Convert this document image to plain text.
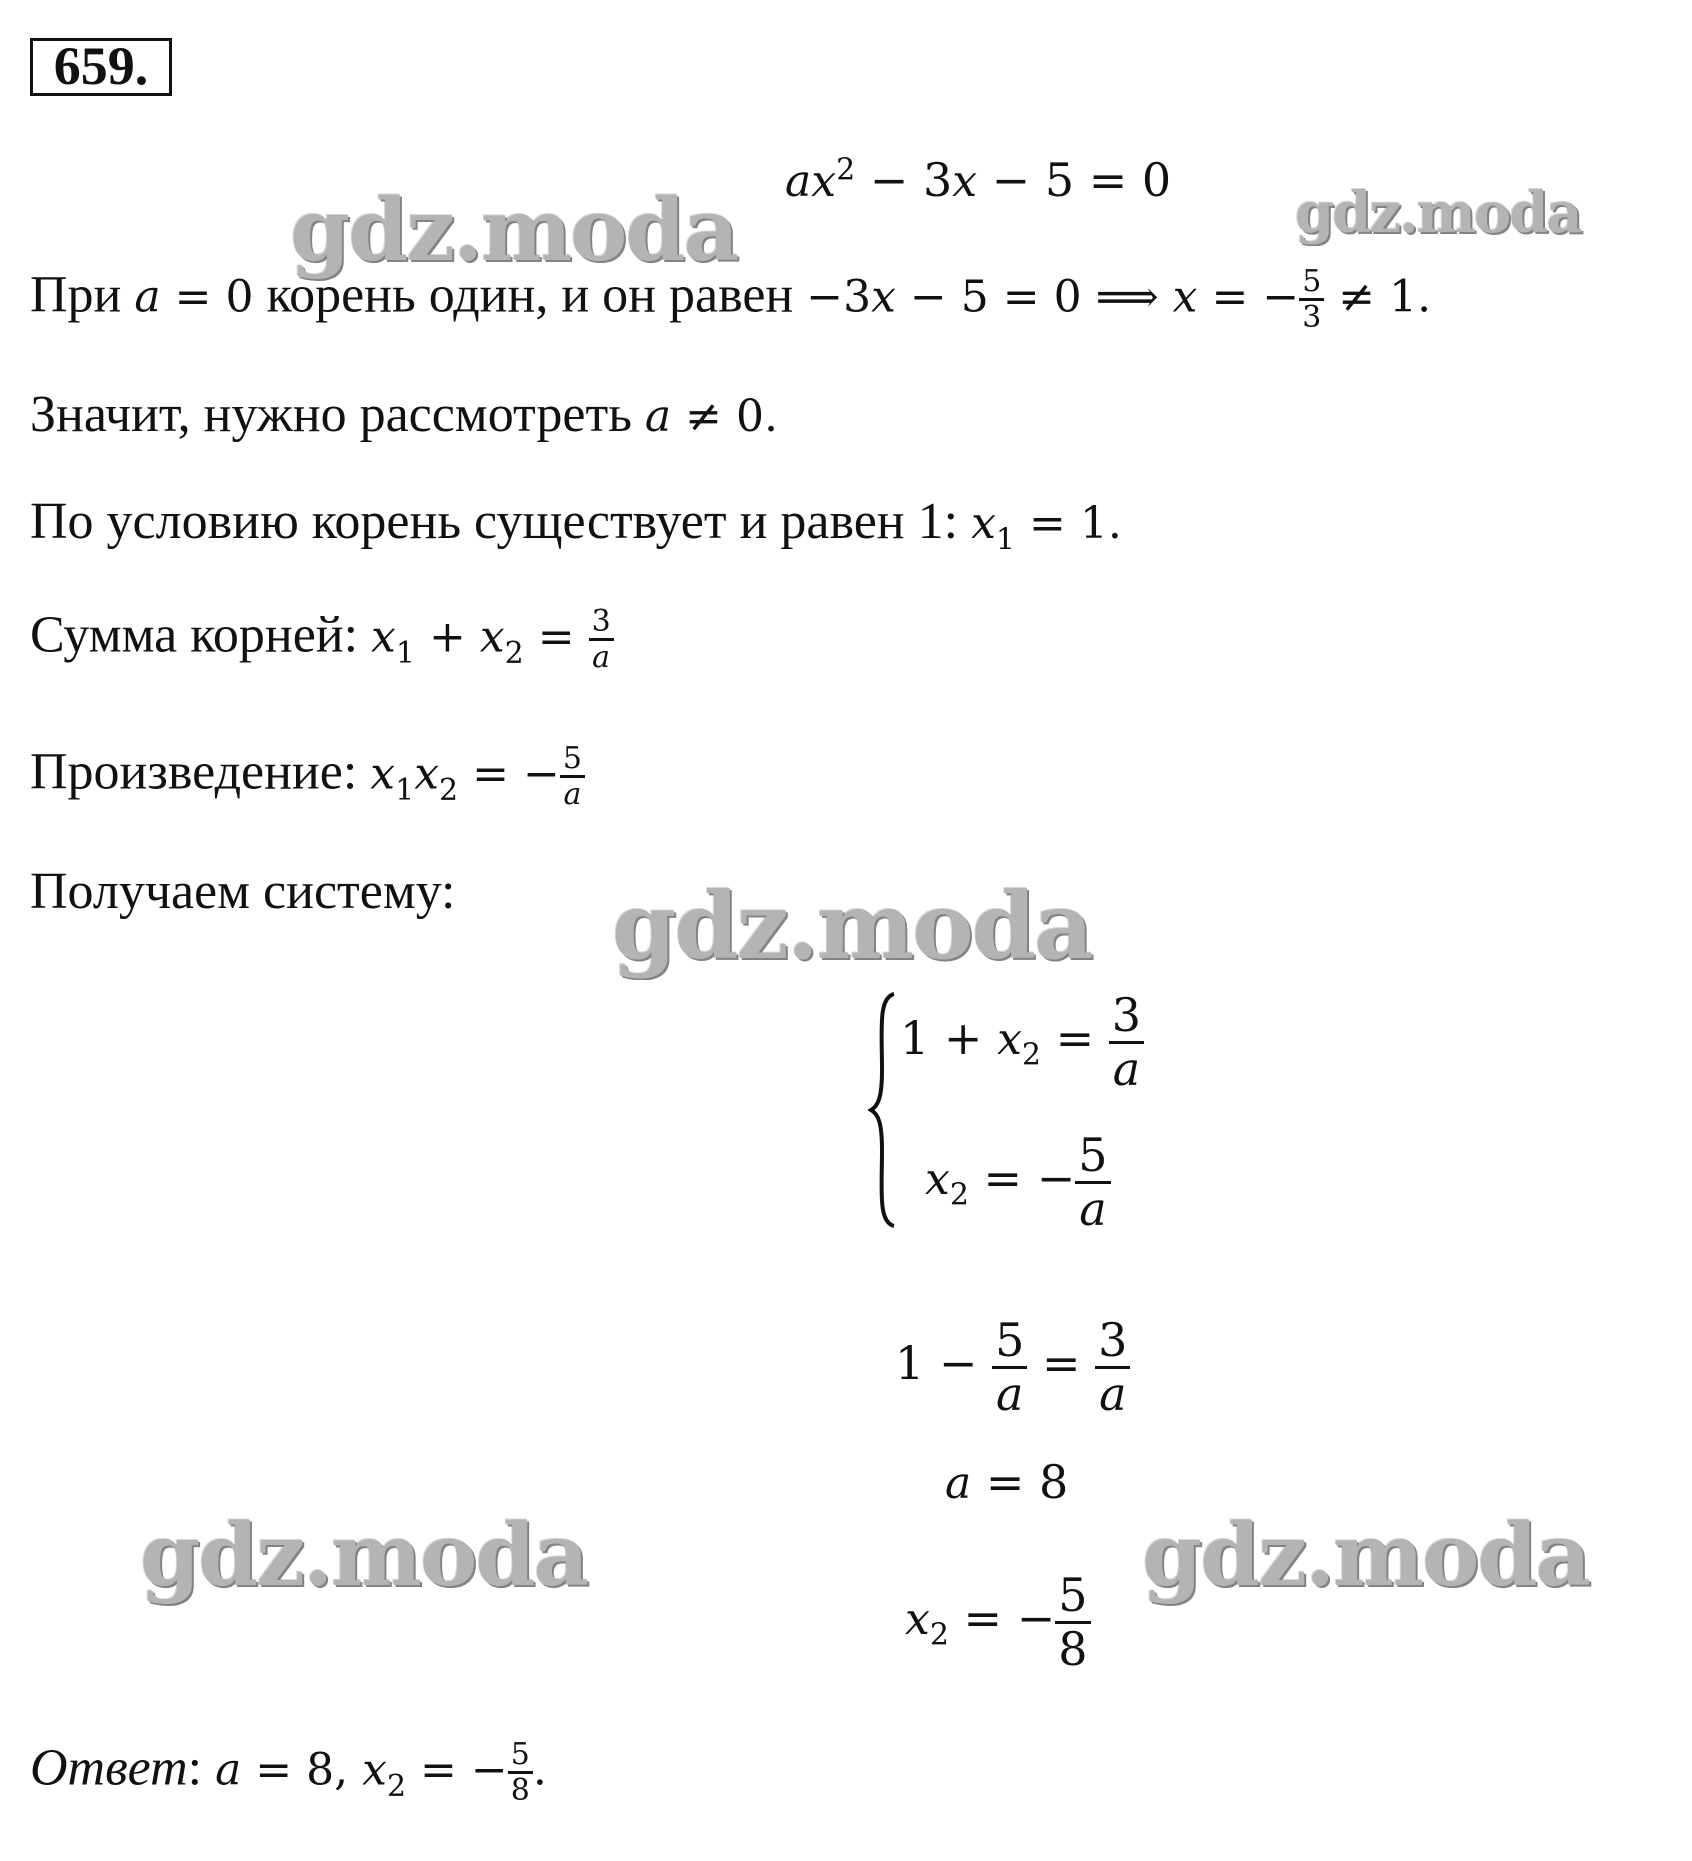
659.
$ax^2 - 3x - 5 = 0$
При a = 0 корень один, и он равен −3x − 5 = 0 ⟹ x = − $\frac{5}{3} \ne 1$.
Значит, нужно рассмотреть a ≠ 0.
По условию корень существует и равен 1: $x_1 = 1$.
Сумма корней: $x_1 + x_2 = \frac{3}{a}$
Произведение: $x_1x_2$ = − $\frac{5}{a}$
Получаем систему:
$1 + x_2 = \frac{3}{a}$
$x_2$ = − $\frac{5}{a}$
$1 - \frac{5}{a} = \frac{3}{a}$
a = 8
$x_2$ = − $\frac{5}{8}$
Ответ: a = 8, $x_2$ = − $\frac{5}{8}$ .
gdz.moda	gdz.moda
gdz.moda
gdz.moda	gdz.moda
